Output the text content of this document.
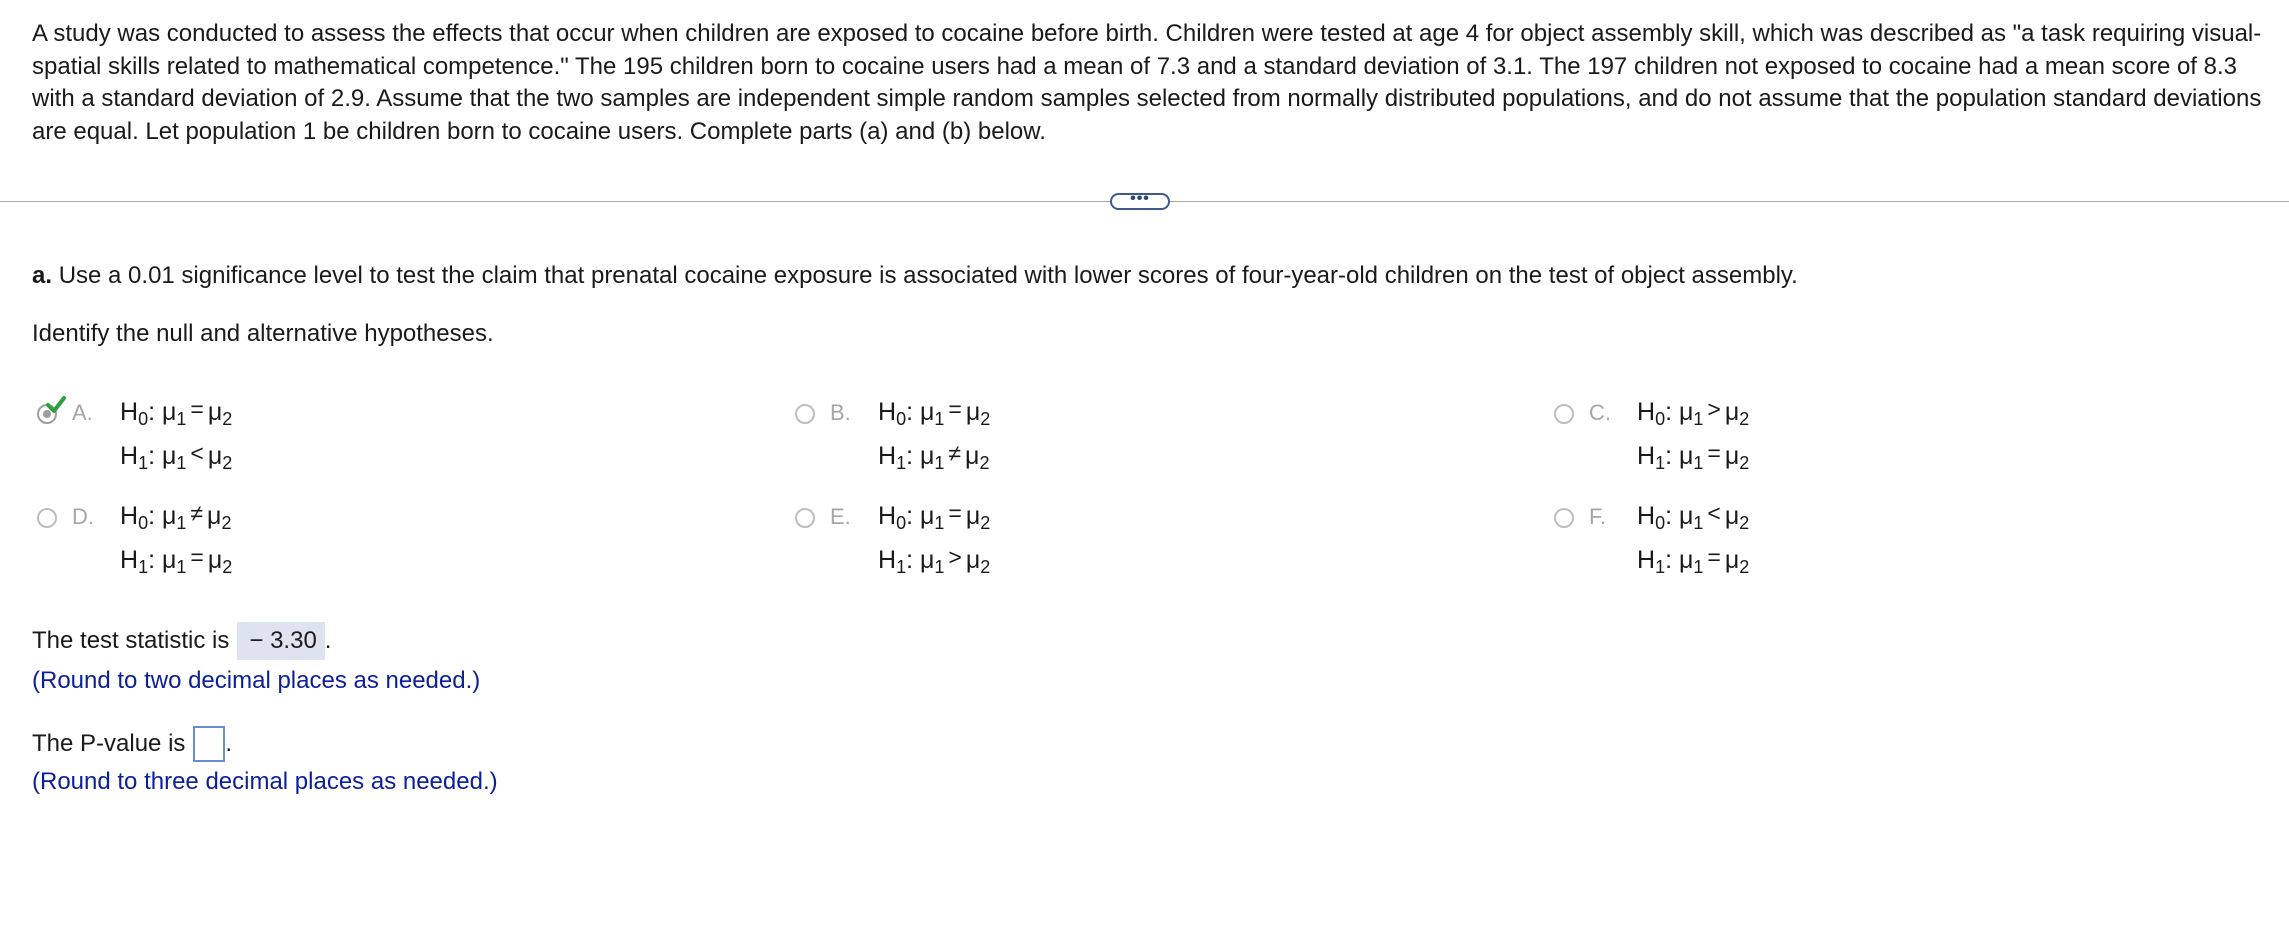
A study was conducted to assess the effects that occur when children are exposed to cocaine before birth. Children were tested at age 4 for object assembly skill, which was described as "a task requiring visual-spatial skills related to mathematical competence." The 195 children born to cocaine users had a mean of 7.3 and a standard deviation of 3.1. The 197 children not exposed to cocaine had a mean score of 8.3 with a standard deviation of 2.9. Assume that the two samples are independent simple random samples selected from normally distributed populations, and do not assume that the population standard deviations are equal. Let population 1 be children born to cocaine users. Complete parts (a) and (b) below.

•••

a. Use a 0.01 significance level to test the claim that prenatal cocaine exposure is associated with lower scores of four-year-old children on the test of object assembly.

Identify the null and alternative hypotheses.

A. $H_0$: $\mu_1 = \mu_2$
$H_1$: $\mu_1 < \mu_2$
B. $H_0$: $\mu_1 = \mu_2$
$H_1$: $\mu_1 \ne \mu_2$
C. $H_0$: $\mu_1 > \mu_2$
$H_1$: $\mu_1 = \mu_2$
D. $H_0$: $\mu_1 \ne \mu_2$
$H_1$: $\mu_1 = \mu_2$
E. $H_0$: $\mu_1 = \mu_2$
$H_1$: $\mu_1 > \mu_2$
F. $H_0$: $\mu_1 < \mu_2$
$H_1$: $\mu_1 = \mu_2$

The test statistic is − 3.30 .

(Round to two decimal places as needed.)

The P-value is .

(Round to three decimal places as needed.)
